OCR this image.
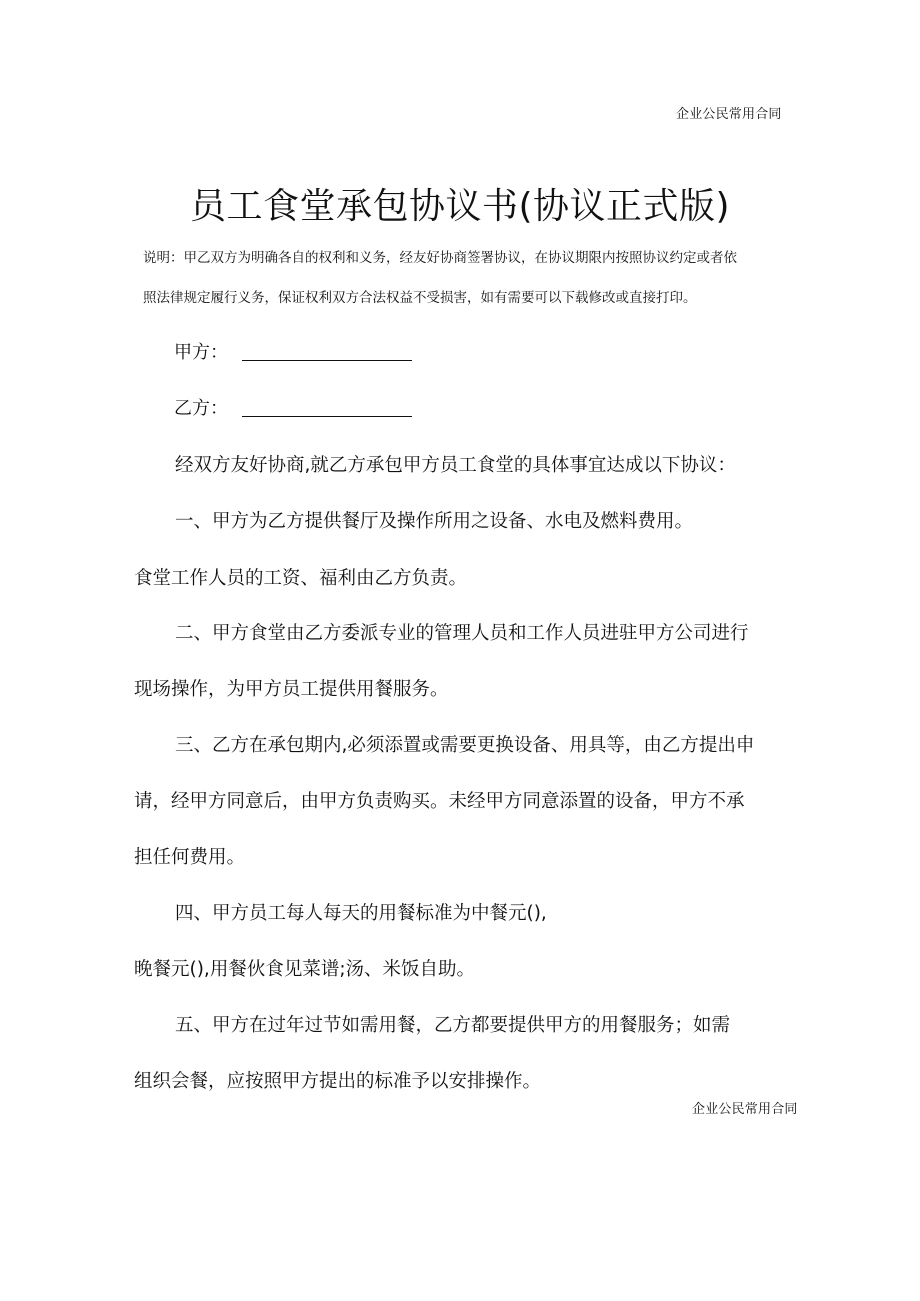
企业公民常用合同
员工食堂承包协议书(协议正式版)
说明：甲乙双方为明确各自的权利和义务，经友好协商签署协议，在协议期限内按照协议约定或者依
照法律规定履行义务，保证权利双方合法权益不受损害，如有需要可以下载修改或直接打印。
甲方：
乙方：
经双方友好协商,就乙方承包甲方员工食堂的具体事宜达成以下协议：
一、甲方为乙方提供餐厅及操作所用之设备、水电及燃料费用。
食堂工作人员的工资、福利由乙方负责。
二、甲方食堂由乙方委派专业的管理人员和工作人员进驻甲方公司进行
现场操作，为甲方员工提供用餐服务。
三、乙方在承包期内,必须添置或需要更换设备、用具等，由乙方提出申
请，经甲方同意后，由甲方负责购买。未经甲方同意添置的设备，甲方不承
担任何费用。
四、甲方员工每人每天的用餐标准为中餐元(),
晚餐元(),用餐伙食见菜谱;汤、米饭自助。
五、甲方在过年过节如需用餐，乙方都要提供甲方的用餐服务；如需
组织会餐，应按照甲方提出的标准予以安排操作。
企业公民常用合同
